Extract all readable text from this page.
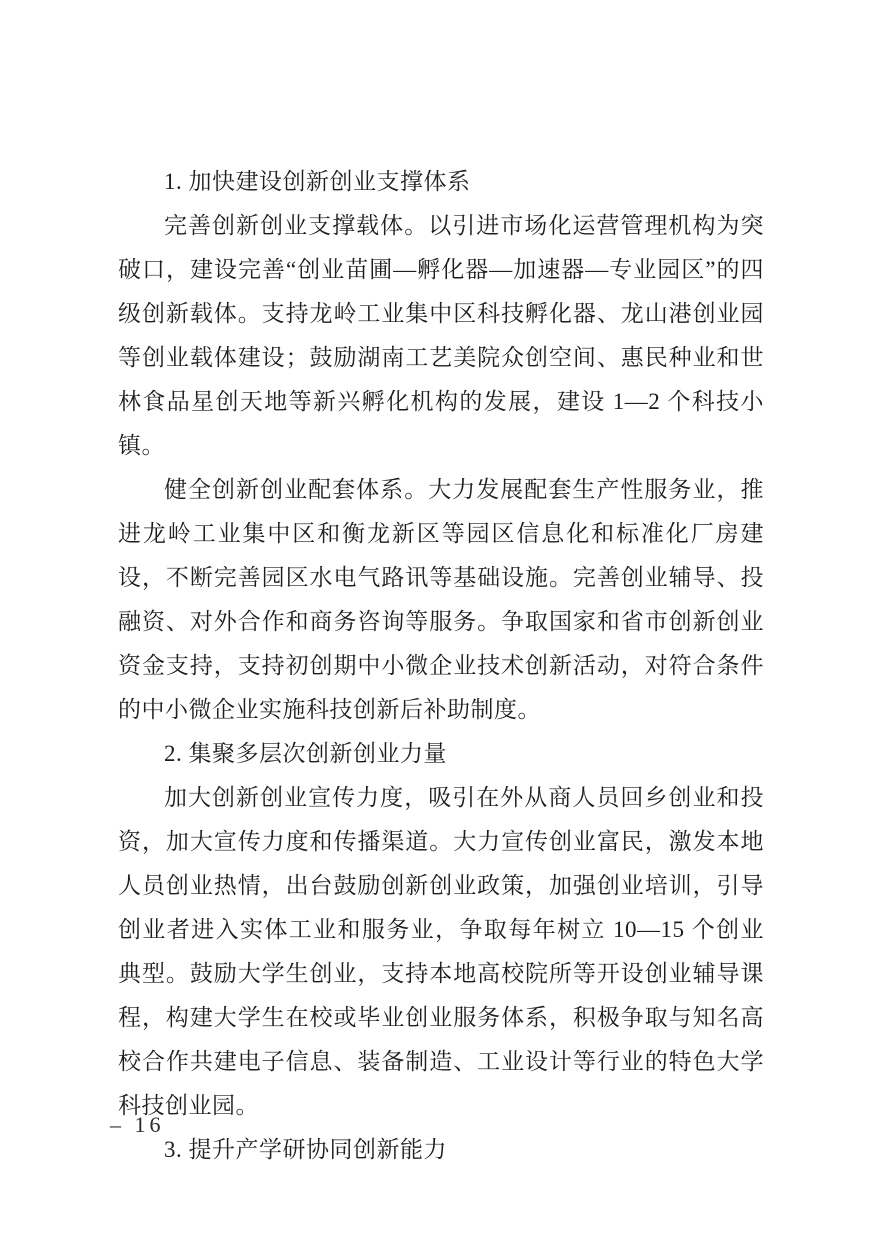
1. 加快建设创新创业支撑体系

完善创新创业支撑载体。以引进市场化运营管理机构为突破口，建设完善“创业苗圃—孵化器—加速器—专业园区”的四级创新载体。支持龙岭工业集中区科技孵化器、龙山港创业园等创业载体建设；鼓励湖南工艺美院众创空间、惠民种业和世林食品星创天地等新兴孵化机构的发展，建设 1—2 个科技小镇。

健全创新创业配套体系。大力发展配套生产性服务业，推进龙岭工业集中区和衡龙新区等园区信息化和标准化厂房建设，不断完善园区水电气路讯等基础设施。完善创业辅导、投融资、对外合作和商务咨询等服务。争取国家和省市创新创业资金支持，支持初创期中小微企业技术创新活动，对符合条件的中小微企业实施科技创新后补助制度。

2. 集聚多层次创新创业力量

加大创新创业宣传力度，吸引在外从商人员回乡创业和投资，加大宣传力度和传播渠道。大力宣传创业富民，激发本地人员创业热情，出台鼓励创新创业政策，加强创业培训，引导创业者进入实体工业和服务业，争取每年树立 10—15 个创业典型。鼓励大学生创业，支持本地高校院所等开设创业辅导课程，构建大学生在校或毕业创业服务体系，积极争取与知名高校合作共建电子信息、装备制造、工业设计等行业的特色大学科技创业园。

3. 提升产学研协同创新能力

– 16
